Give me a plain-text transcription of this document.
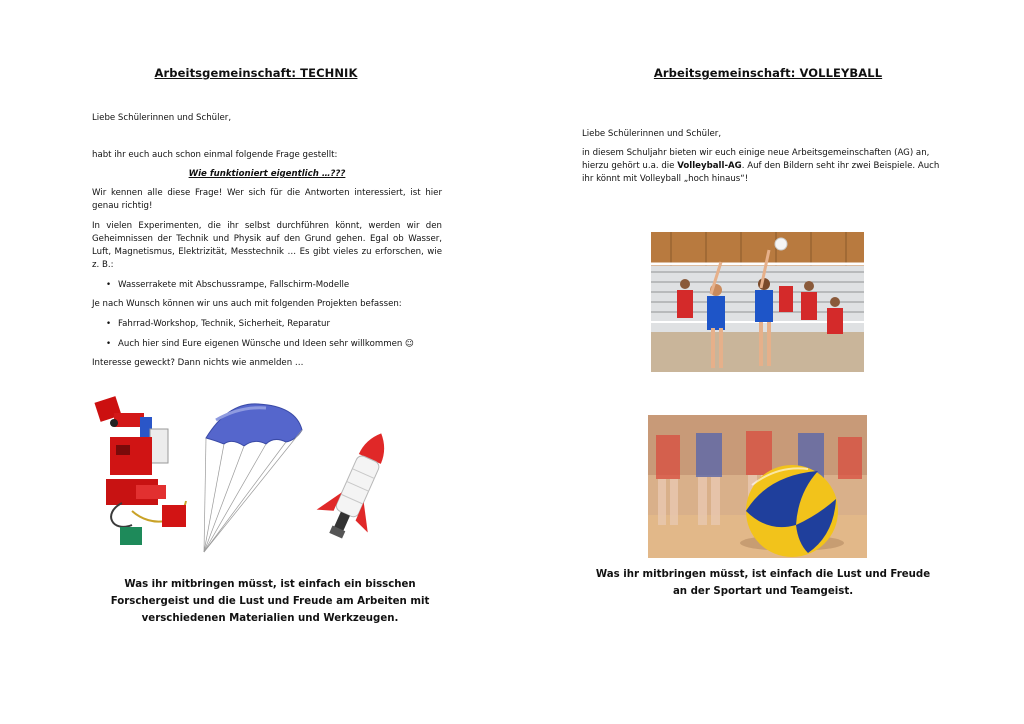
Arbeitsgemeinschaft: TECHNIK

Liebe Schülerinnen und Schüler,

habt ihr euch auch schon einmal folgende Frage gestellt:

Wie funktioniert eigentlich …???

Wir kennen alle diese Frage! Wer sich für die Antworten interessiert, ist hier genau richtig!

In vielen Experimenten, die ihr selbst durchführen könnt, werden wir den Geheimnissen der Technik und Physik auf den Grund gehen. Egal ob Wasser, Luft, Magnetismus, Elektrizität, Messtechnik … Es gibt vieles zu erforschen, wie z. B.:

• Wasserrakete mit Abschussrampe, Fallschirm-Modelle

Je nach Wunsch können wir uns auch mit folgenden Projekten befassen:

• Fahrrad-Workshop, Technik, Sicherheit, Reparatur

• Auch hier sind Eure eigenen Wünsche und Ideen sehr willkommen ☺

Interesse geweckt? Dann nichts wie anmelden …

Was ihr mitbringen müsst, ist einfach ein bisschen
Forschergeist und die Lust und Freude am Arbeiten mit
verschiedenen Materialien und Werkzeugen.
Arbeitsgemeinschaft: VOLLEYBALL

Liebe Schülerinnen und Schüler,

in diesem Schuljahr bieten wir euch einige neue Arbeitsgemeinschaften (AG) an, hierzu gehört u.a. die Volleyball-AG. Auf den Bildern seht ihr zwei Beispiele. Auch ihr könnt mit Volleyball „hoch hinaus“!

Was ihr mitbringen müsst, ist einfach die Lust und Freude
an der Sportart und Teamgeist.
